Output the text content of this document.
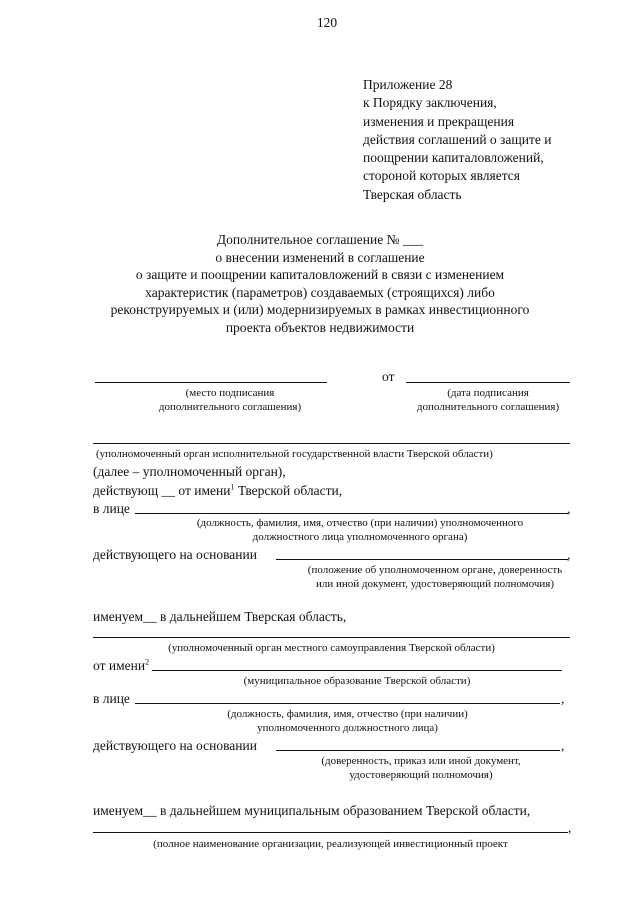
120
Приложение 28
к Порядку заключения,
изменения и прекращения
действия соглашений о защите и
поощрении капиталовложений,
стороной которых является
Тверская область
Дополнительное соглашение № ___
о внесении изменений в соглашение
о защите и поощрении капиталовложений в связи с изменением
характеристик (параметров) создаваемых (строящихся) либо
реконструируемых и (или) модернизируемых в рамках инвестиционного
проекта объектов недвижимости
от
(место подписания
дополнительного соглашения)
(дата подписания
дополнительного соглашения)
(уполномоченный орган исполнительной государственной власти Тверской области)
(далее – уполномоченный орган),
действующ __ от имени$^1$ Тверской области,
в лице	,
(должность, фамилия, имя, отчество (при наличии) уполномоченного
должностного лица уполномоченного органа)
действующего на основании	,
(положение об уполномоченном органе, доверенность
или иной документ, удостоверяющий полномочия)
именуем__ в дальнейшем Тверская область,
(уполномоченный орган местного самоуправления Тверской области)
от имени$^2$
(муниципальное образование Тверской области)
в лице	,
(должность, фамилия, имя, отчество (при наличии)
уполномоченного должностного лица)
действующего на основании	,
(доверенность, приказ или иной документ,
удостоверяющий полномочия)
именуем__ в дальнейшем муниципальным образованием Тверской области,
,
(полное наименование организации, реализующей инвестиционный проект
